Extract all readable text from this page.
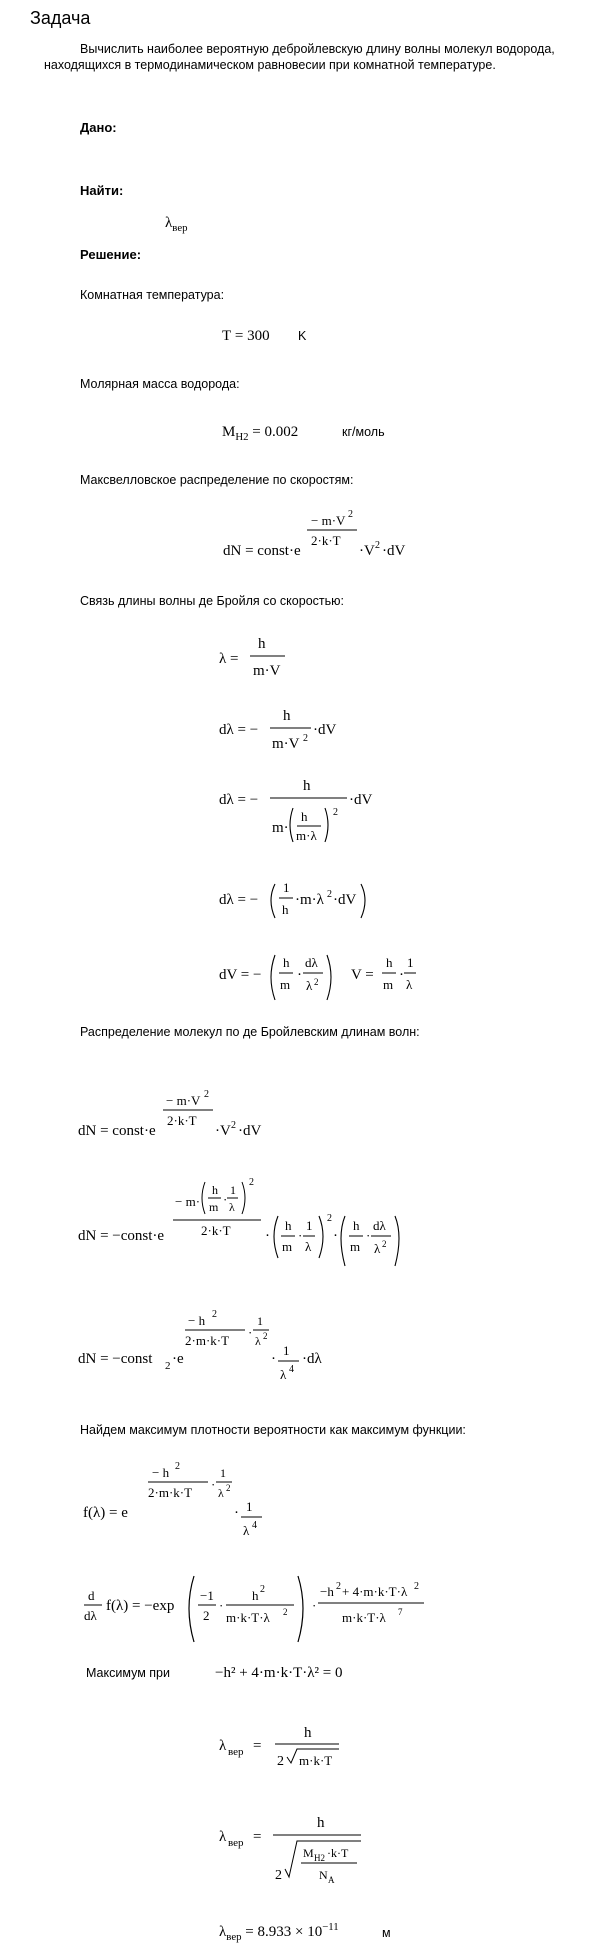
Задача
Вычислить наиболее вероятную дебройлевскую длину волны молекул водорода, находящихся в термодинамическом равновесии при комнатной температуре.
Дано:
Найти:
$\lambda_{вер}$
Решение:
Комнатная температура:
T = 300 K
Молярная масса водорода:
$M_{H2} = 0.002$	кг/моль
Максвелловское распределение по скоростям:
dN = const·e
− m·V 2
2·k·T
·V 2 ·dV
Связь длины волны де Бройля со скоростью:
λ =
h
m·V
dλ = −
h
m·V 2
·dV
dλ = −
h
m·
h
m·λ
2
·dV
dλ = −
1
h
·m·λ 2 ·dV
dV = −
h
m
·
dλ
λ 2 V =
h
m
·
1
λ
Распределение молекул по де Бройлевским длинам волн:
dN = const·e
− m·V 2
2·k·T
·V 2 ·dV
dN = −const·e
− m·
h
m ·
1
λ
2
2·k·T ·
h
m
·
1
λ
2
·
h
m
·
dλ
λ 2
dN = −const 2 ·e
− h 2
2·m·k·T
·
1
λ 2
·
1
λ 4
·dλ
Найдем максимум плотности вероятности как максимум функции:
f(λ) = e
− h 2
2·m·k·T
·
1
λ 2
· 1
λ 4
d
dλ
f(λ) = −exp
−1
2
·
h 2
m·k·T·λ 2 ·
−h 2 + 4·m·k·T·λ 2
m·k·T·λ 7
Максимум при	−h² + 4·m·k·T·λ² = 0
λ вер =
h
2 m·k·T
λ вер =
h
2
M H2 ·k·T
N A
$\lambda_{вер} = 8.933 \times 10^{-11}$	м
